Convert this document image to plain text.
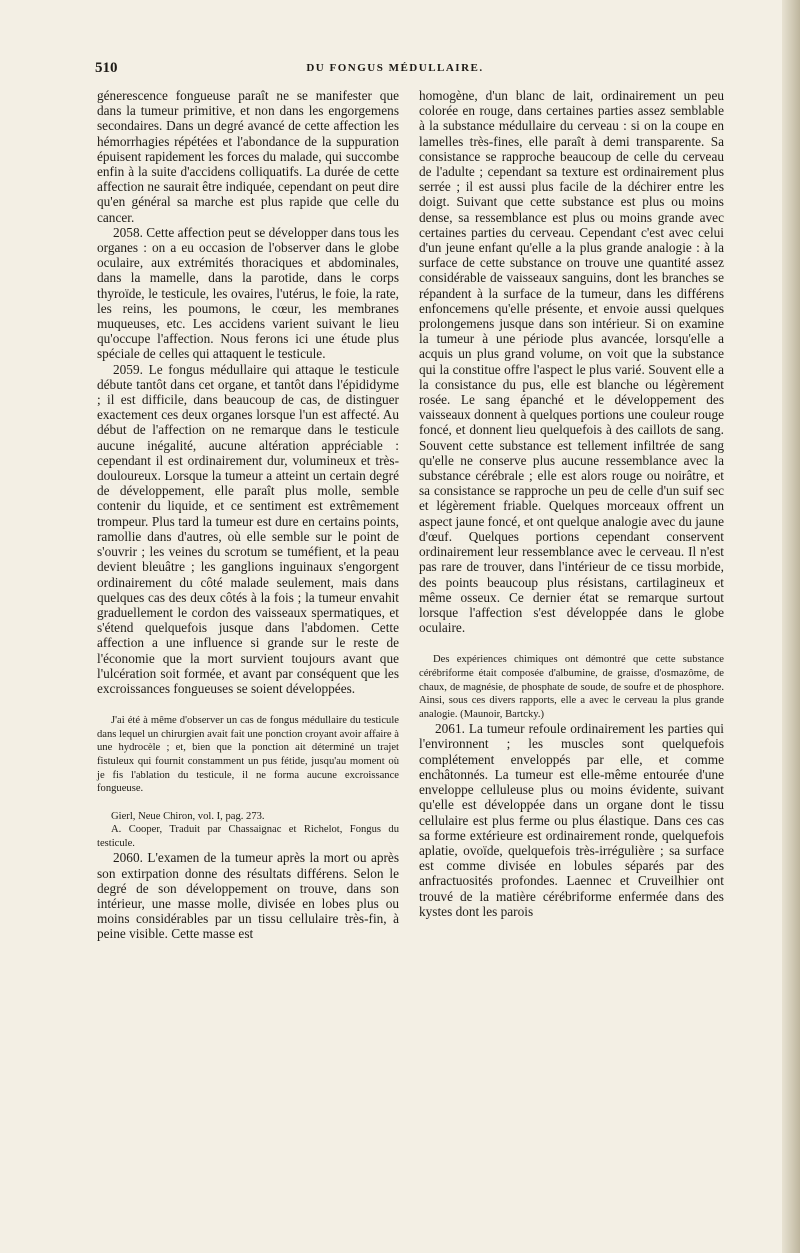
510	DU FONGUS MÉDULLAIRE.

génerescence fongueuse paraît ne se manifester que dans la tumeur primitive, et non dans les engorgemens secondaires. Dans un degré avancé de cette affection les hémorrhagies répétées et l'abondance de la suppuration épuisent rapidement les forces du malade, qui succombe enfin à la suite d'accidens colliquatifs. La durée de cette affection ne saurait être indiquée, cependant on peut dire qu'en général sa marche est plus rapide que celle du cancer.

2058. Cette affection peut se développer dans tous les organes : on a eu occasion de l'observer dans le globe oculaire, aux extrémités thoraciques et abdominales, dans la mamelle, dans la parotide, dans le corps thyroïde, le testicule, les ovaires, l'utérus, le foie, la rate, les reins, les poumons, le cœur, les membranes muqueuses, etc. Les accidens varient suivant le lieu qu'occupe l'affection. Nous ferons ici une étude plus spéciale de celles qui attaquent le testicule.

2059. Le fongus médullaire qui attaque le testicule débute tantôt dans cet organe, et tantôt dans l'épididyme ; il est difficile, dans beaucoup de cas, de distinguer exactement ces deux organes lorsque l'un est affecté. Au début de l'affection on ne remarque dans le testicule aucune inégalité, aucune altération appréciable : cependant il est ordinairement dur, volumineux et très-douloureux. Lorsque la tumeur a atteint un certain degré de développement, elle paraît plus molle, semble contenir du liquide, et ce sentiment est extrêmement trompeur. Plus tard la tumeur est dure en certains points, ramollie dans d'autres, où elle semble sur le point de s'ouvrir ; les veines du scrotum se tuméfient, et la peau devient bleuâtre ; les ganglions inguinaux s'engorgent ordinairement du côté malade seulement, mais dans quelques cas des deux côtés à la fois ; la tumeur envahit graduellement le cordon des vaisseaux spermatiques, et s'étend quelquefois jusque dans l'abdomen. Cette affection a une influence si grande sur le reste de l'économie que la mort survient toujours avant que l'ulcération soit formée, et avant par conséquent que les excroissances fongueuses se soient développées.

J'ai été à même d'observer un cas de fongus médullaire du testicule dans lequel un chirurgien avait fait une ponction croyant avoir affaire à une hydrocèle ; et, bien que la ponction ait déterminé un trajet fistuleux qui fournit constamment un pus fétide, jusqu'au moment où je fis l'ablation du testicule, il ne forma aucune excroissance fongueuse.

Gierl, Neue Chiron, vol. I, pag. 273.

A. Cooper, Traduit par Chassaignac et Richelot, Fongus du testicule.

2060. L'examen de la tumeur après la mort ou après son extirpation donne des résultats différens. Selon le degré de son développement on trouve, dans son intérieur, une masse molle, divisée en lobes plus ou moins considérables par un tissu cellulaire très-fin, à peine visible. Cette masse est

homogène, d'un blanc de lait, ordinairement un peu colorée en rouge, dans certaines parties assez semblable à la substance médullaire du cerveau : si on la coupe en lamelles très-fines, elle paraît à demi transparente. Sa consistance se rapproche beaucoup de celle du cerveau de l'adulte ; cependant sa texture est ordinairement plus serrée ; il est aussi plus facile de la déchirer entre les doigt. Suivant que cette substance est plus ou moins dense, sa ressemblance est plus ou moins grande avec certaines parties du cerveau. Cependant c'est avec celui d'un jeune enfant qu'elle a la plus grande analogie : à la surface de cette substance on trouve une quantité assez considérable de vaisseaux sanguins, dont les branches se répandent à la surface de la tumeur, dans les différens enfoncemens qu'elle présente, et envoie aussi quelques prolongemens jusque dans son intérieur. Si on examine la tumeur à une période plus avancée, lorsqu'elle a acquis un plus grand volume, on voit que la substance qui la constitue offre l'aspect le plus varié. Souvent elle a la consistance du pus, elle est blanche ou légèrement rosée. Le sang épanché et le développement des vaisseaux donnent à quelques portions une couleur rouge foncé, et donnent lieu quelquefois à des caillots de sang. Souvent cette substance est tellement infiltrée de sang qu'elle ne conserve plus aucune ressemblance avec la substance cérébrale ; elle est alors rouge ou noirâtre, et sa consistance se rapproche un peu de celle d'un suif sec et légèrement friable. Quelques morceaux offrent un aspect jaune foncé, et ont quelque analogie avec du jaune d'œuf. Quelques portions cependant conservent ordinairement leur ressemblance avec le cerveau. Il n'est pas rare de trouver, dans l'intérieur de ce tissu morbide, des points beaucoup plus résistans, cartilagineux et même osseux. Ce dernier état se remarque surtout lorsque l'affection s'est développée dans le globe oculaire.

Des expériences chimiques ont démontré que cette substance cérébriforme était composée d'albumine, de graisse, d'osmazôme, de chaux, de magnésie, de phosphate de soude, de soufre et de phosphore. Ainsi, sous ces divers rapports, elle a avec le cerveau la plus grande analogie. (Maunoir, Bartcky.)

2061. La tumeur refoule ordinairement les parties qui l'environnent ; les muscles sont quelquefois complétement enveloppés par elle, et comme enchâtonnés. La tumeur est elle-même entourée d'une enveloppe celluleuse plus ou moins évidente, suivant qu'elle est développée dans un organe dont le tissu cellulaire est plus ferme ou plus élastique. Dans ces cas sa forme extérieure est ordinairement ronde, quelquefois aplatie, ovoïde, quelquefois très-irrégulière ; sa surface est comme divisée en lobules séparés par des anfractuosités profondes. Laennec et Cruveilhier ont trouvé de la matière cérébriforme enfermée dans des kystes dont les parois
